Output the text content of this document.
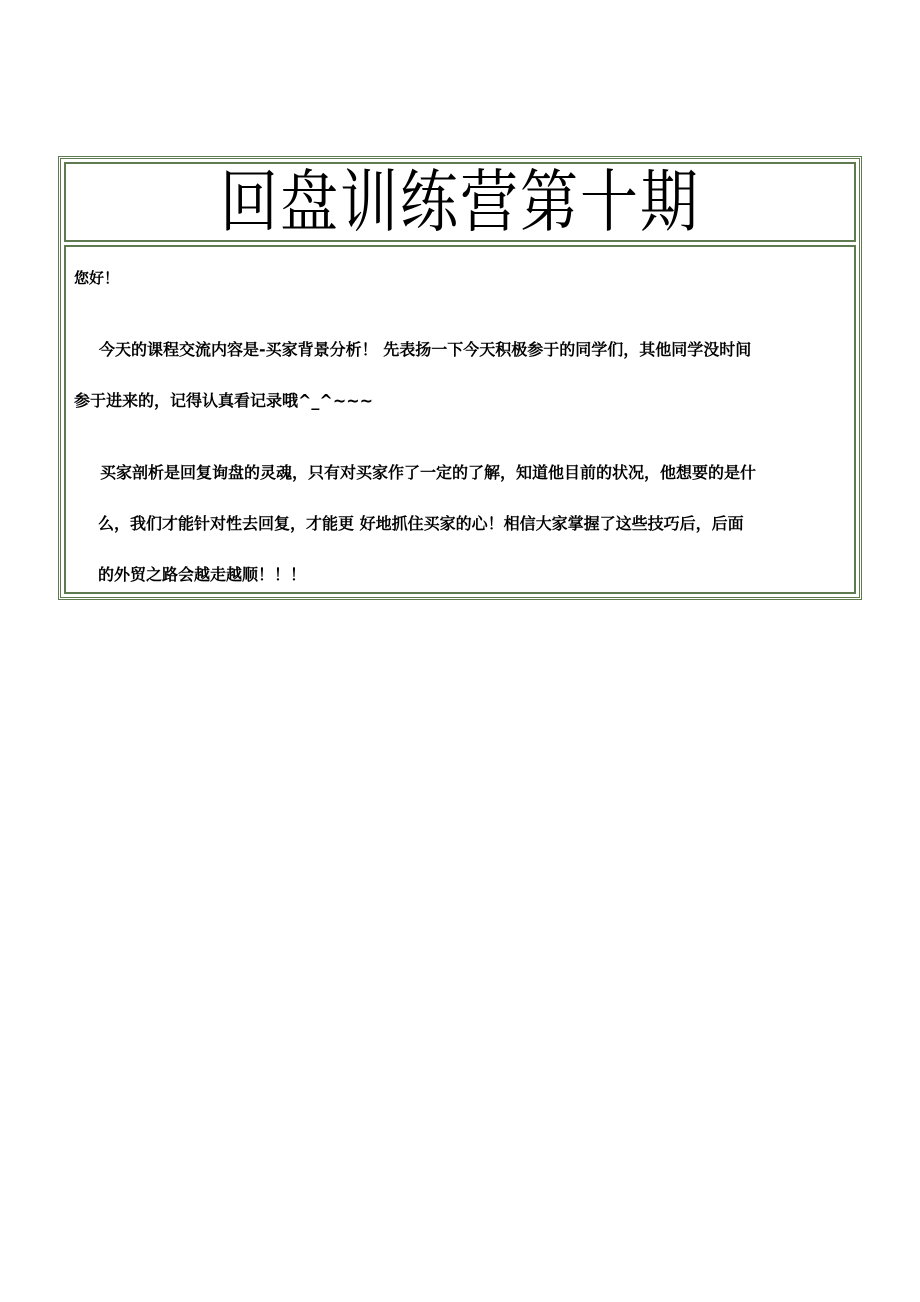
回盘训练营第十期
您好！
今天的课程交流内容是-买家背景分析！ 先表扬一下今天积极参于的同学们，其他同学没时间
参于进来的，记得认真看记录哦^_^~~~
买家剖析是回复询盘的灵魂，只有对买家作了一定的了解，知道他目前的状况，他想要的是什
么，我们才能针对性去回复，才能更 好地抓住买家的心！相信大家掌握了这些技巧后，后面
的外贸之路会越走越顺！！！
